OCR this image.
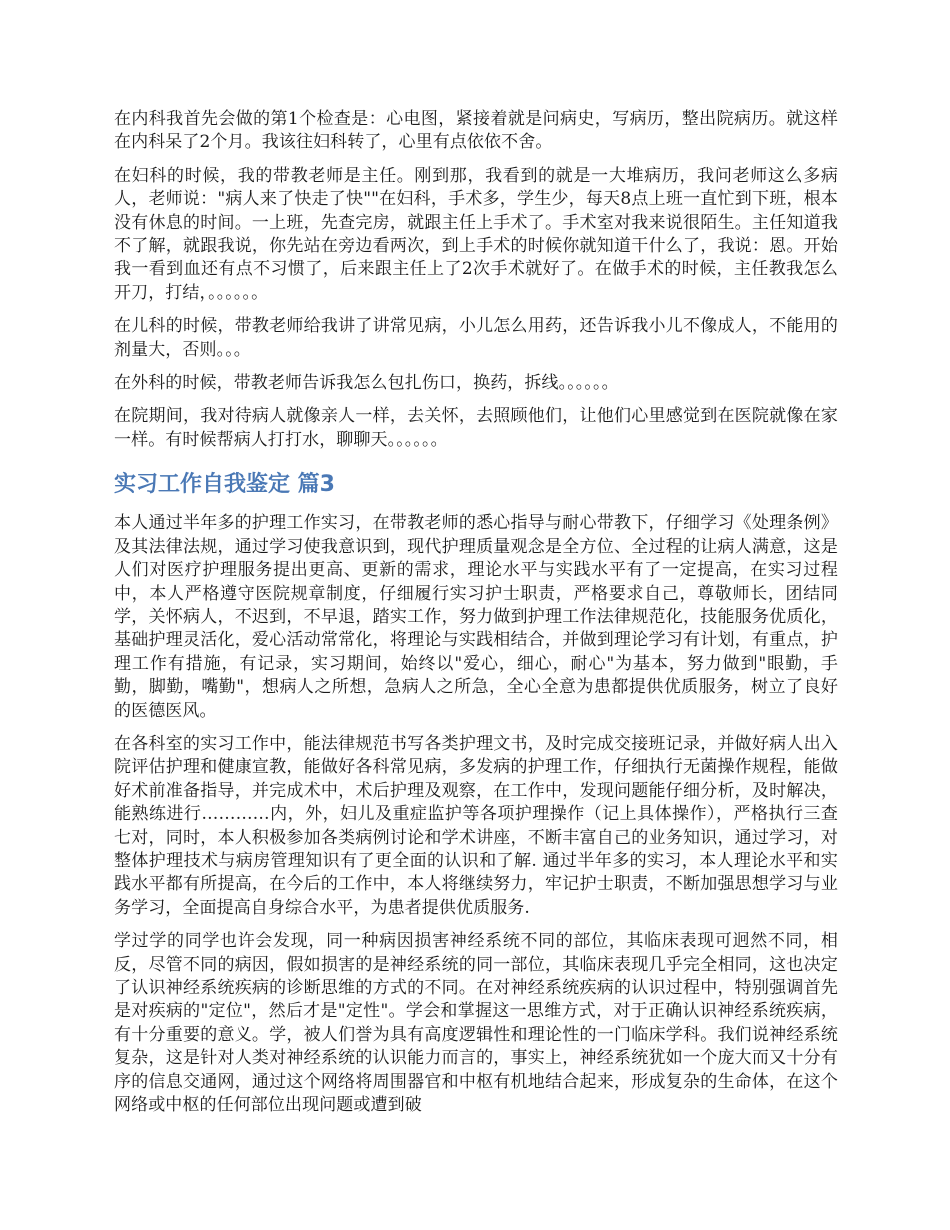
在内科我首先会做的第1个检查是：心电图，紧接着就是问病史，写病历，整出院病历。就这样在内科呆了2个月。我该往妇科转了，心里有点依依不舍。

在妇科的时候，我的带教老师是主任。刚到那，我看到的就是一大堆病历，我问老师这么多病人，老师说："病人来了快走了快""在妇科，手术多，学生少，每天8点上班一直忙到下班，根本没有休息的时间。一上班，先查完房，就跟主任上手术了。手术室对我来说很陌生。主任知道我不了解，就跟我说，你先站在旁边看两次，到上手术的时候你就知道干什么了，我说：恩。开始我一看到血还有点不习惯了，后来跟主任上了2次手术就好了。在做手术的时候，主任教我怎么开刀，打结，。。。。。。

在儿科的时候，带教老师给我讲了讲常见病，小儿怎么用药，还告诉我小儿不像成人，不能用的剂量大，否则。。。

在外科的时候，带教老师告诉我怎么包扎伤口，换药，拆线。。。。。。

在院期间，我对待病人就像亲人一样，去关怀，去照顾他们，让他们心里感觉到在医院就像在家一样。有时候帮病人打打水，聊聊天。。。。。。

实习工作自我鉴定 篇3

本人通过半年多的护理工作实习，在带教老师的悉心指导与耐心带教下，仔细学习《处理条例》及其法律法规，通过学习使我意识到，现代护理质量观念是全方位、全过程的让病人满意，这是人们对医疗护理服务提出更高、更新的需求，理论水平与实践水平有了一定提高，在实习过程中，本人严格遵守医院规章制度，仔细履行实习护士职责，严格要求自己，尊敬师长，团结同学，关怀病人，不迟到，不早退，踏实工作，努力做到护理工作法律规范化，技能服务优质化，基础护理灵活化，爱心活动常常化，将理论与实践相结合，并做到理论学习有计划，有重点，护理工作有措施，有记录，实习期间，始终以"爱心，细心，耐心"为基本，努力做到"眼勤，手勤，脚勤，嘴勤"，想病人之所想，急病人之所急，全心全意为患都提供优质服务，树立了良好的医德医风。

在各科室的实习工作中，能法律规范书写各类护理文书，及时完成交接班记录，并做好病人出入院评估护理和健康宣教，能做好各科常见病，多发病的护理工作，仔细执行无菌操作规程，能做好术前准备指导，并完成术中，术后护理及观察，在工作中，发现问题能仔细分析，及时解决，能熟练进行…………内，外，妇儿及重症监护等各项护理操作（记上具体操作），严格执行三查七对，同时，本人积极参加各类病例讨论和学术讲座，不断丰富自己的业务知识，通过学习，对整体护理技术与病房管理知识有了更全面的认识和了解. 通过半年多的实习，本人理论水平和实践水平都有所提高，在今后的工作中，本人将继续努力，牢记护士职责，不断加强思想学习与业务学习，全面提高自身综合水平，为患者提供优质服务.

学过学的同学也许会发现，同一种病因损害神经系统不同的部位，其临床表现可迥然不同，相反，尽管不同的病因，假如损害的是神经系统的同一部位，其临床表现几乎完全相同，这也决定了认识神经系统疾病的诊断思维的方式的不同。在对神经系统疾病的认识过程中，特别强调首先是对疾病的"定位"，然后才是"定性"。学会和掌握这一思维方式，对于正确认识神经系统疾病，有十分重要的意义。学，被人们誉为具有高度逻辑性和理论性的一门临床学科。我们说神经系统复杂，这是针对人类对神经系统的认识能力而言的，事实上，神经系统犹如一个庞大而又十分有序的信息交通网，通过这个网络将周围器官和中枢有机地结合起来，形成复杂的生命体，在这个网络或中枢的任何部位出现问题或遭到破
